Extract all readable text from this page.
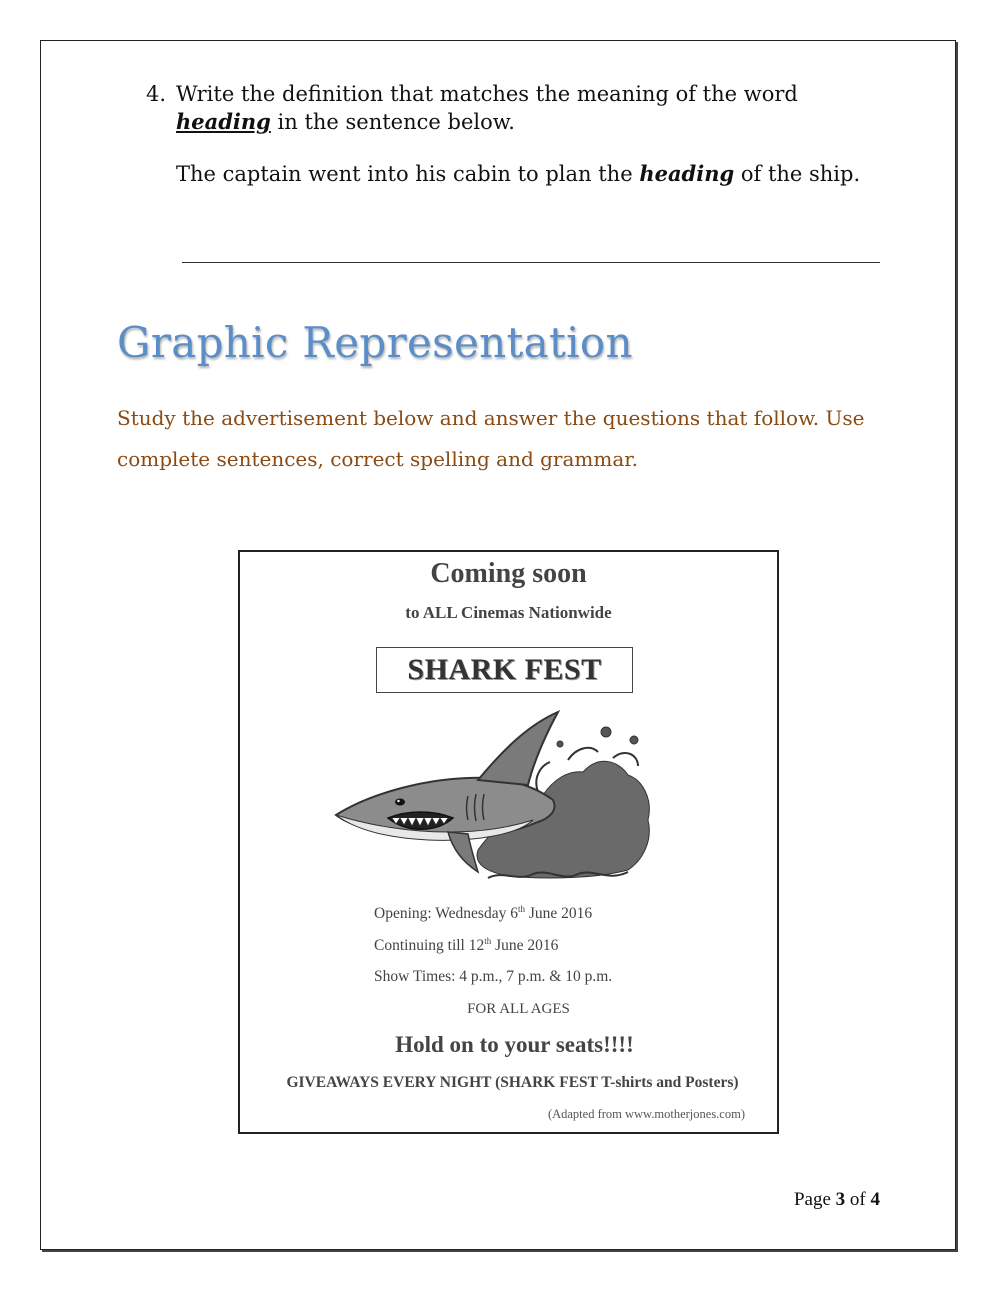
4. Write the definition that matches the meaning of the word
heading in the sentence below.
The captain went into his cabin to plan the heading of the ship.
Graphic Representation
Study the advertisement below and answer the questions that follow. Use complete sentences, correct spelling and grammar.
Coming soon
to ALL Cinemas Nationwide
SHARK FEST
Opening: Wednesday 6th June 2016
Continuing till 12th June 2016
Show Times: 4 p.m., 7 p.m. & 10 p.m.
FOR ALL AGES
Hold on to your seats!!!!
GIVEAWAYS EVERY NIGHT (SHARK FEST T-shirts and Posters)
(Adapted from www.motherjones.com)
Page 3 of 4
